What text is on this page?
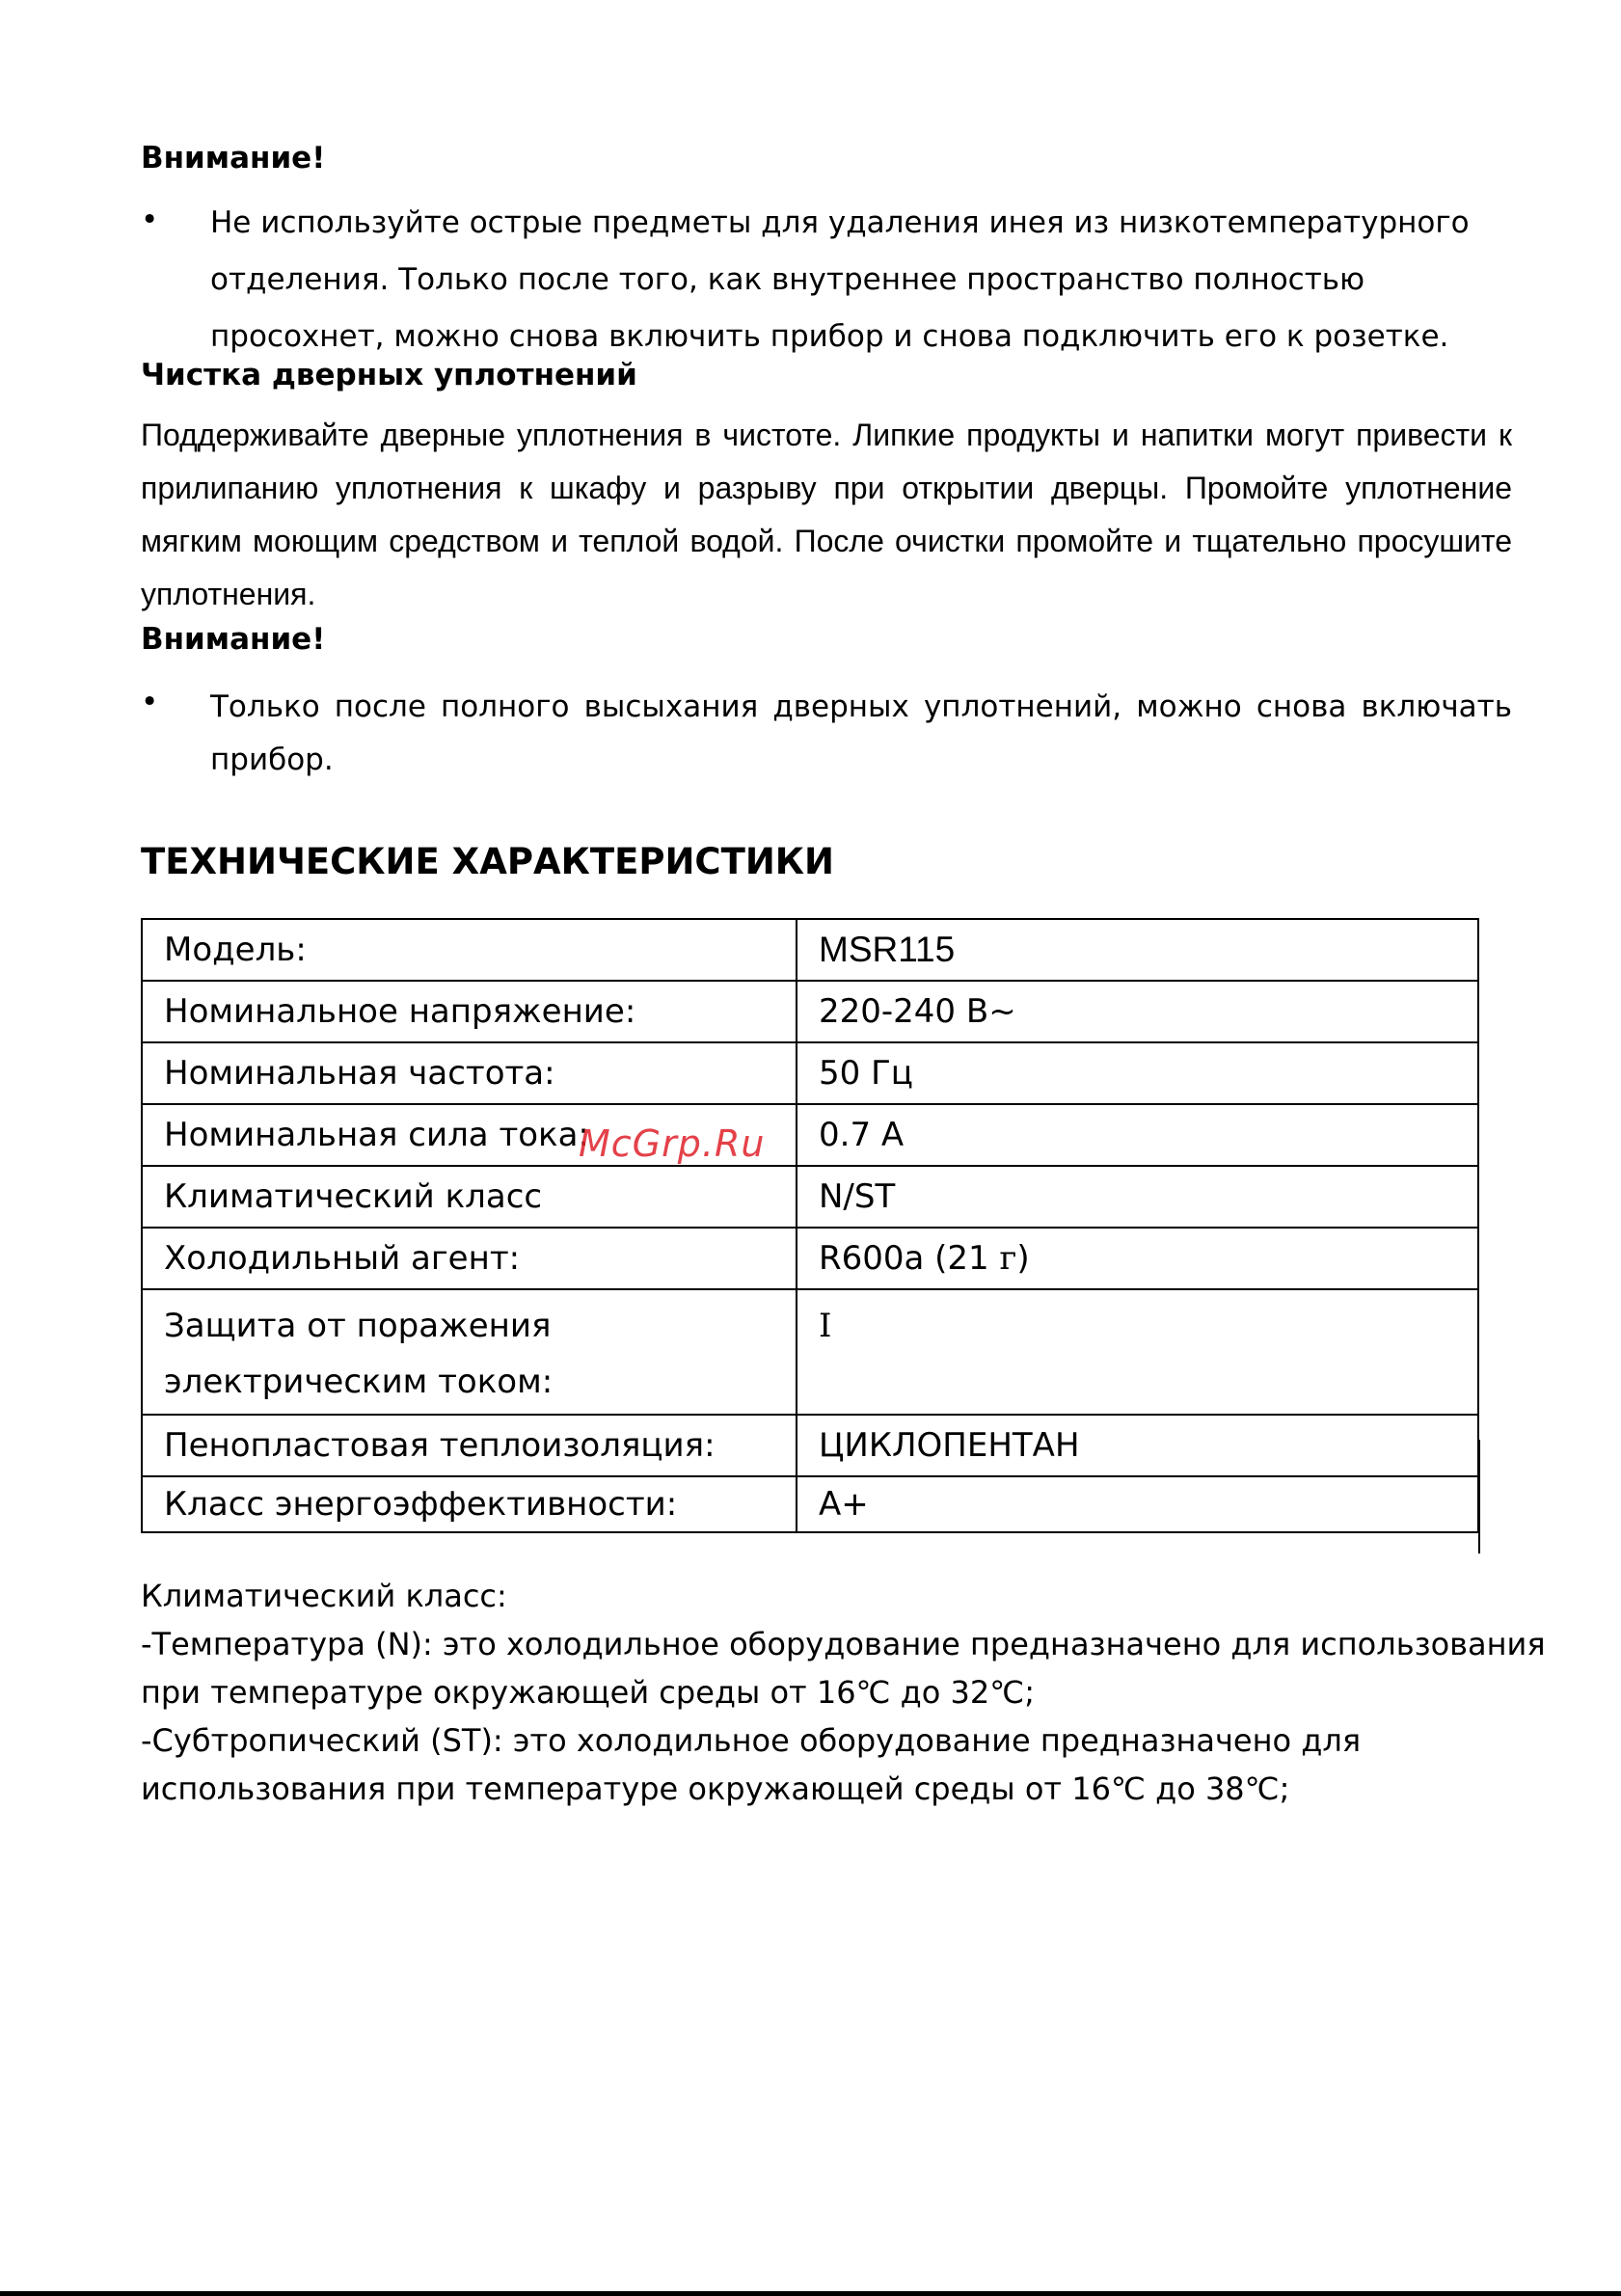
Внимание!
• Не используйте острые предметы для удаления инея из низкотемпературного
отделения. Только после того, как внутреннее пространство полностью
просохнет, можно снова включить прибор и снова подключить его к розетке.
Чистка дверных уплотнений
Поддерживайте дверные уплотнения в чистоте. Липкие продукты и напитки могут привести к
прилипанию уплотнения к шкафу и разрыву при открытии дверцы. Промойте уплотнение
мягким моющим средством и теплой водой. После очистки промойте и тщательно просушите
уплотнения.
Внимание!
• Только после полного высыхания дверных уплотнений, можно снова включать
прибор.
ТЕХНИЧЕСКИЕ ХАРАКТЕРИСТИКИ
Модель:	MSR115
Номинальное напряжение:	220-240 В~
Номинальная частота:	50 Гц
Номинальная сила тока:	0.7 A
Климатический класс	N/ST
Холодильный агент:	R600a (21 г)

Защита от поражения
электрическим током:	I

Пенопластовая теплоизоляция:	ЦИКЛОПЕНТАН
Класс энергоэффективности:	A+
Климатический класс:
-Температура (N): это холодильное оборудование предназначено для использования
при температуре окружающей среды от 16℃ до 32℃;
-Субтропический (ST): это холодильное оборудование предназначено для
использования при температуре окружающей среды от 16℃ до 38℃;
McGrp.Ru
